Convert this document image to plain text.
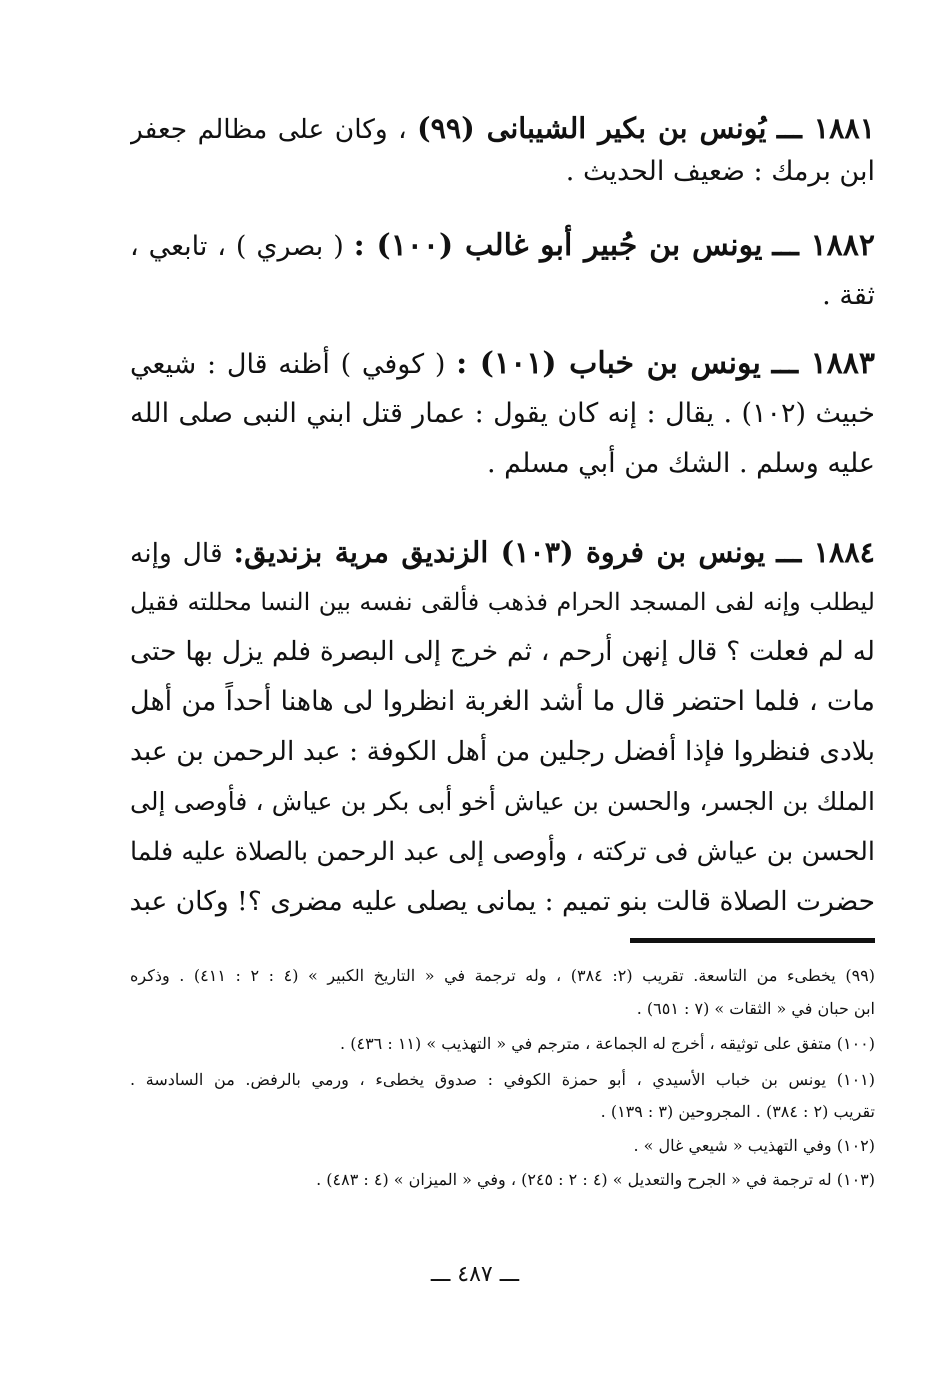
١٨٨١ ـــ يُونس بن بكير الشيبانى (٩٩) ، وكان على مظالم جعفر
ابن برمك : ضعيف الحديث .
١٨٨٢ ـــ يونس بن جُبير أبو غالب (١٠٠) : ( بصري ) ، تابعي ،
ثقة .
١٨٨٣ ـــ يونس بن خباب (١٠١) : ( كوفي ) أظنه قال : شيعي
خبيث (١٠٢) . يقال : إنه كان يقول : عمار قتل ابني النبى صلى الله
عليه وسلم . الشك من أبي مسلم .
١٨٨٤ ـــ يونس بن فروة (١٠٣) الزنديق مرية بزنديق: قال وإنه
ليطلب وإنه لفى المسجد الحرام فذهب فألقى نفسه بين النسا محللته فقيل
له لم فعلت ؟ قال إنهن أرحم ، ثم خرج إلى البصرة فلم يزل بها حتى
مات ، فلما احتضر قال ما أشد الغربة انظروا لى هاهنا أحداً من أهل
بلادى فنظروا فإذا أفضل رجلين من أهل الكوفة : عبد الرحمن بن عبد
الملك بن الجسر، والحسن بن عياش أخو أبى بكر بن عياش ، فأوصى إلى
الحسن بن عياش فى تركته ، وأوصى إلى عبد الرحمن بالصلاة عليه فلما
حضرت الصلاة قالت بنو تميم : يمانى يصلى عليه مضرى ؟! وكان عبد
(٩٩) يخطىء من التاسعة. تقريب (٢: ٣٨٤) ، وله ترجمة في « التاريخ الكبير » (٤ : ٢ : ٤١١) . وذكره
ابن حبان في « الثقات » (٧ : ٦٥١) .
(١٠٠) متفق على توثيقه ، أخرج له الجماعة ، مترجم في « التهذيب » (١١ : ٤٣٦) .
(١٠١) يونس بن خباب الأسيدي ، أبو حمزة الكوفي : صدوق يخطىء ، ورمي بالرفض. من السادسة .
تقريب (٢ : ٣٨٤) . المجروحين (٣ : ١٣٩) .
(١٠٢) وفي التهذيب « شيعي غال » .
(١٠٣) له ترجمة في « الجرح والتعديل » (٤ : ٢ : ٢٤٥) ، وفي « الميزان » (٤ : ٤٨٣) .
ـــ ٤٨٧ ـــ
